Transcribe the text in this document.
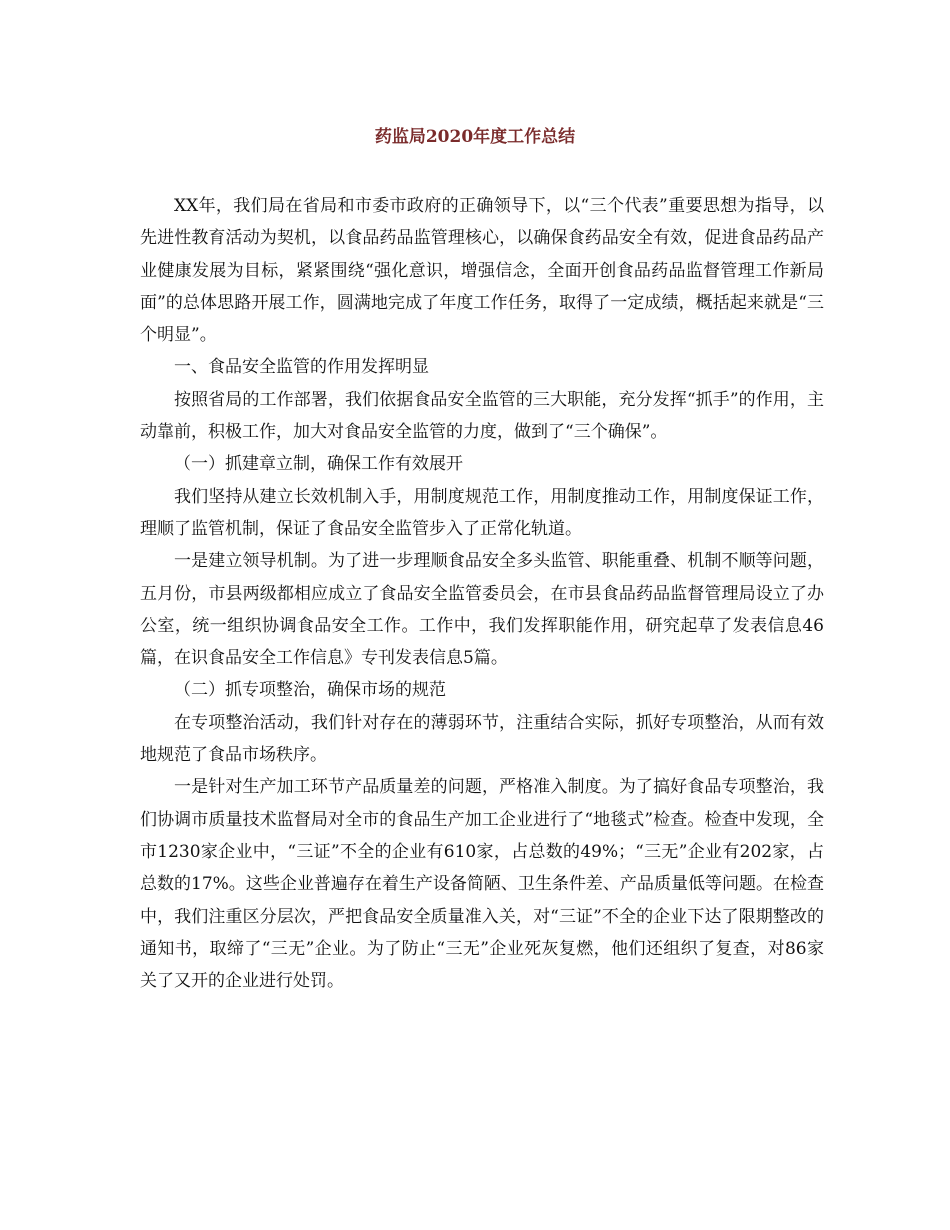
药监局2020年度工作总结

XX年，我们局在省局和市委市政府的正确领导下，以“三个代表”重要思想为指导，以先进性教育活动为契机，以食品药品监管理核心，以确保食药品安全有效，促进食品药品产业健康发展为目标，紧紧围绕“强化意识，增强信念，全面开创食品药品监督管理工作新局面”的总体思路开展工作，圆满地完成了年度工作任务，取得了一定成绩，概括起来就是“三个明显”。

一、食品安全监管的作用发挥明显

按照省局的工作部署，我们依据食品安全监管的三大职能，充分发挥“抓手”的作用，主动靠前，积极工作，加大对食品安全监管的力度，做到了“三个确保”。

（一）抓建章立制，确保工作有效展开

我们坚持从建立长效机制入手，用制度规范工作，用制度推动工作，用制度保证工作，理顺了监管机制，保证了食品安全监管步入了正常化轨道。

一是建立领导机制。为了进一步理顺食品安全多头监管、职能重叠、机制不顺等问题，五月份，市县两级都相应成立了食品安全监管委员会，在市县食品药品监督管理局设立了办公室，统一组织协调食品安全工作。工作中，我们发挥职能作用，研究起草了发表信息46篇，在识食品安全工作信息》专刊发表信息5篇。

（二）抓专项整治，确保市场的规范

在专项整治活动，我们针对存在的薄弱环节，注重结合实际，抓好专项整治，从而有效地规范了食品市场秩序。

一是针对生产加工环节产品质量差的问题，严格准入制度。为了搞好食品专项整治，我们协调市质量技术监督局对全市的食品生产加工企业进行了“地毯式”检查。检查中发现，全市1230家企业中，“三证”不全的企业有610家，占总数的49%；“三无”企业有202家，占总数的17%。这些企业普遍存在着生产设备简陋、卫生条件差、产品质量低等问题。在检查中，我们注重区分层次，严把食品安全质量准入关，对“三证”不全的企业下达了限期整改的通知书，取缔了“三无”企业。为了防止“三无”企业死灰复燃，他们还组织了复查，对86家关了又开的企业进行处罚。
